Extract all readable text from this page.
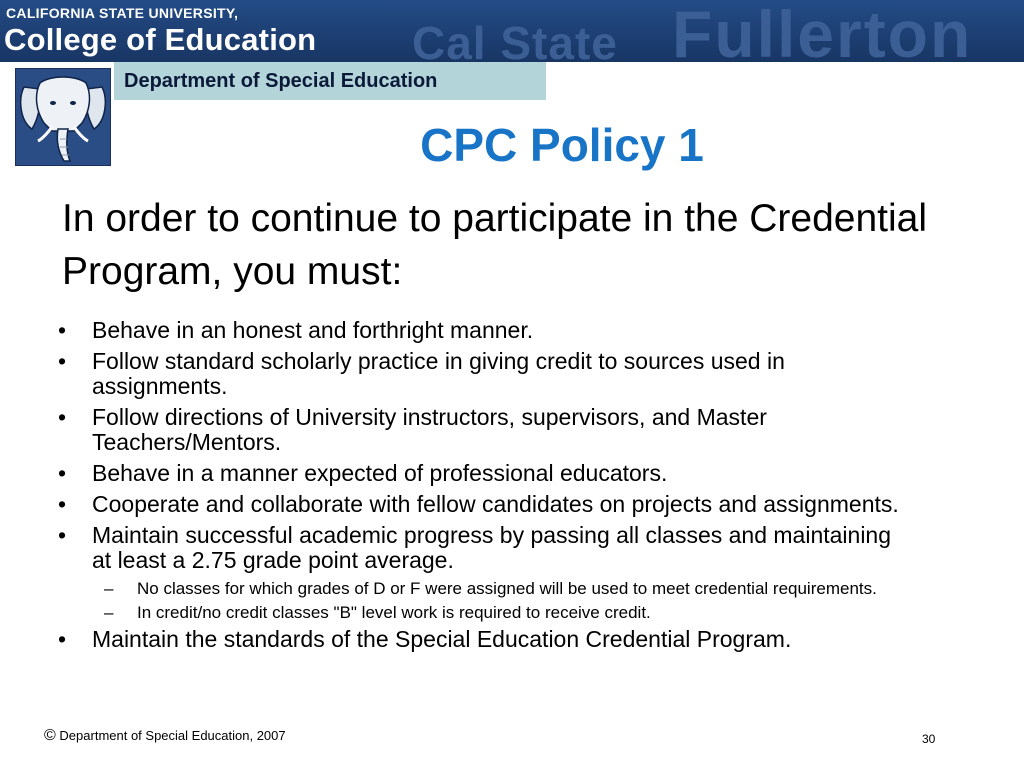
Cal State Fullerton
CALIFORNIA STATE UNIVERSITY,
College of Education
Department of Special Education
CPC Policy 1
In order to continue to participate in the Credential Program, you must:
• Behave in an honest and forthright manner.
• Follow standard scholarly practice in giving credit to sources used in assignments.
• Follow directions of University instructors, supervisors, and Master Teachers/Mentors.
• Behave in a manner expected of professional educators.
• Cooperate and collaborate with fellow candidates on projects and assignments.
• Maintain successful academic progress by passing all classes and maintaining at least a 2.75 grade point average.
– No classes for which grades of D or F were assigned will be used to meet credential requirements.
– In credit/no credit classes "B" level work is required to receive credit.
• Maintain the standards of the Special Education Credential Program.
© Department of Special Education, 2007	30
